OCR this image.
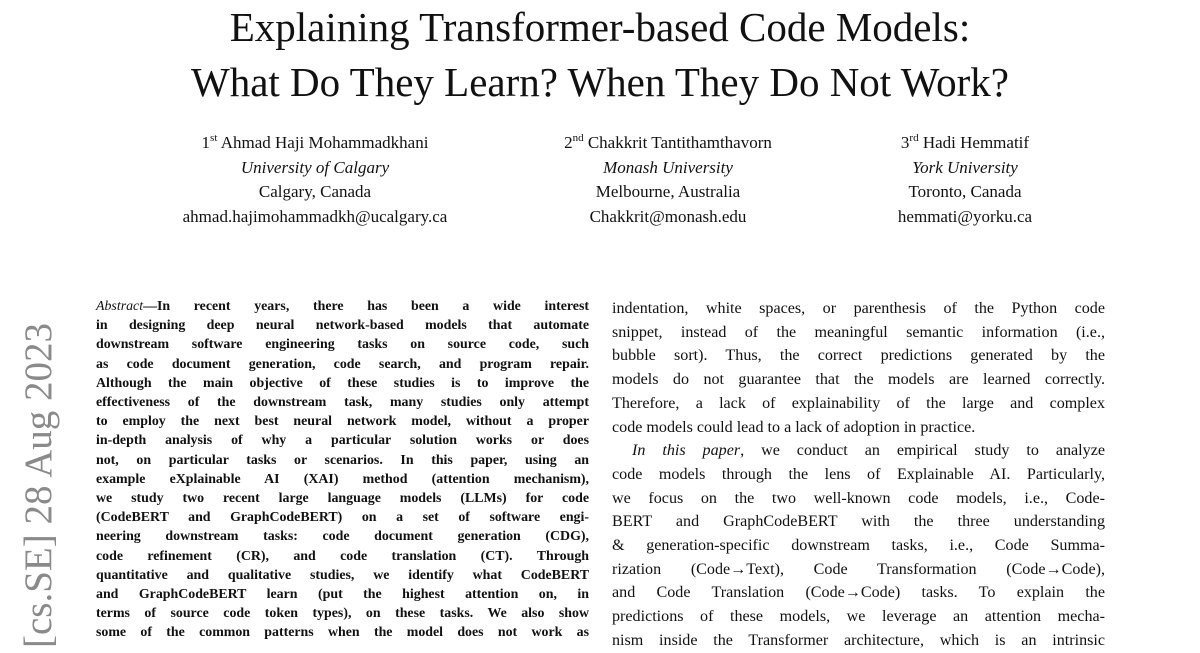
Explaining Transformer-based Code Models:
What Do They Learn? When They Do Not Work?
1st Ahmad Haji Mohammadkhani
University of Calgary
Calgary, Canada
ahmad.hajimohammadkh@ucalgary.ca
2nd Chakkrit Tantithamthavorn
Monash University
Melbourne, Australia
Chakkrit@monash.edu
3rd Hadi Hemmatif
York University
Toronto, Canada
hemmati@yorku.ca
[cs.SE] 28 Aug 2023
Abstract—In recent years, there has been a wide interest
in designing deep neural network-based models that automate
downstream software engineering tasks on source code, such
as code document generation, code search, and program repair.
Although the main objective of these studies is to improve the
effectiveness of the downstream task, many studies only attempt
to employ the next best neural network model, without a proper
in-depth analysis of why a particular solution works or does
not, on particular tasks or scenarios. In this paper, using an
example eXplainable AI (XAI) method (attention mechanism),
we study two recent large language models (LLMs) for code
(CodeBERT and GraphCodeBERT) on a set of software engi-
neering downstream tasks: code document generation (CDG),
code refinement (CR), and code translation (CT). Through
quantitative and qualitative studies, we identify what CodeBERT
and GraphCodeBERT learn (put the highest attention on, in
terms of source code token types), on these tasks. We also show
some of the common patterns when the model does not work as

indentation, white spaces, or parenthesis of the Python code
snippet, instead of the meaningful semantic information (i.e.,
bubble sort). Thus, the correct predictions generated by the
models do not guarantee that the models are learned correctly.
Therefore, a lack of explainability of the large and complex
code models could lead to a lack of adoption in practice.

In this paper, we conduct an empirical study to analyze
code models through the lens of Explainable AI. Particularly,
we focus on the two well-known code models, i.e., Code-
BERT and GraphCodeBERT with the three understanding
& generation-specific downstream tasks, i.e., Code Summa-
rization (Code→Text), Code Transformation (Code→Code),
and Code Translation (Code→Code) tasks. To explain the
predictions of these models, we leverage an attention mecha-
nism inside the Transformer architecture, which is an intrinsic
